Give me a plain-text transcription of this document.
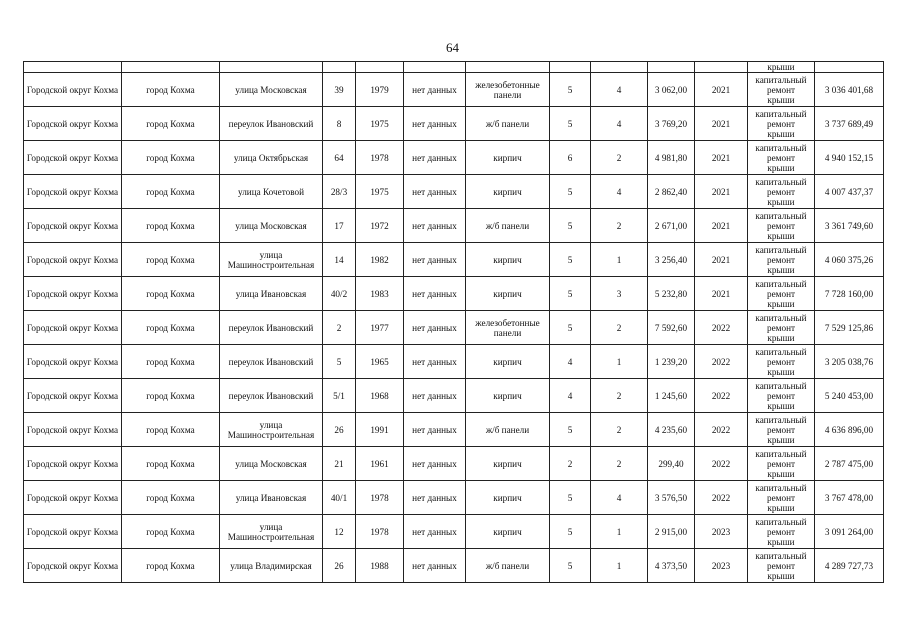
64
											крыши	
Городской округ Кохма	город Кохма	улица Московская	39	1979	нет данных	железобетонные панели	5	4	3 062,00	2021	капитальный
ремонт
крыши	3 036 401,68
Городской округ Кохма	город Кохма	переулок Ивановский	8	1975	нет данных	ж/б панели	5	4	3 769,20	2021	капитальный
ремонт
крыши	3 737 689,49
Городской округ Кохма	город Кохма	улица Октябрьская	64	1978	нет данных	кирпич	6	2	4 981,80	2021	капитальный
ремонт
крыши	4 940 152,15
Городской округ Кохма	город Кохма	улица Кочетовой	28/3	1975	нет данных	кирпич	5	4	2 862,40	2021	капитальный
ремонт
крыши	4 007 437,37
Городской округ Кохма	город Кохма	улица Московская	17	1972	нет данных	ж/б панели	5	2	2 671,00	2021	капитальный
ремонт
крыши	3 361 749,60
Городской округ Кохма	город Кохма	улица Машиностроительная	14	1982	нет данных	кирпич	5	1	3 256,40	2021	капитальный
ремонт
крыши	4 060 375,26
Городской округ Кохма	город Кохма	улица Ивановская	40/2	1983	нет данных	кирпич	5	3	5 232,80	2021	капитальный
ремонт
крыши	7 728 160,00
Городской округ Кохма	город Кохма	переулок Ивановский	2	1977	нет данных	железобетонные панели	5	2	7 592,60	2022	капитальный
ремонт
крыши	7 529 125,86
Городской округ Кохма	город Кохма	переулок Ивановский	5	1965	нет данных	кирпич	4	1	1 239,20	2022	капитальный
ремонт
крыши	3 205 038,76
Городской округ Кохма	город Кохма	переулок Ивановский	5/1	1968	нет данных	кирпич	4	2	1 245,60	2022	капитальный
ремонт
крыши	5 240 453,00
Городской округ Кохма	город Кохма	улица Машиностроительная	26	1991	нет данных	ж/б панели	5	2	4 235,60	2022	капитальный
ремонт
крыши	4 636 896,00
Городской округ Кохма	город Кохма	улица Московская	21	1961	нет данных	кирпич	2	2	299,40	2022	капитальный
ремонт
крыши	2 787 475,00
Городской округ Кохма	город Кохма	улица Ивановская	40/1	1978	нет данных	кирпич	5	4	3 576,50	2022	капитальный
ремонт
крыши	3 767 478,00
Городской округ Кохма	город Кохма	улица Машиностроительная	12	1978	нет данных	кирпич	5	1	2 915,00	2023	капитальный
ремонт
крыши	3 091 264,00
Городской округ Кохма	город Кохма	улица Владимирская	26	1988	нет данных	ж/б панели	5	1	4 373,50	2023	капитальный
ремонт
крыши	4 289 727,73
